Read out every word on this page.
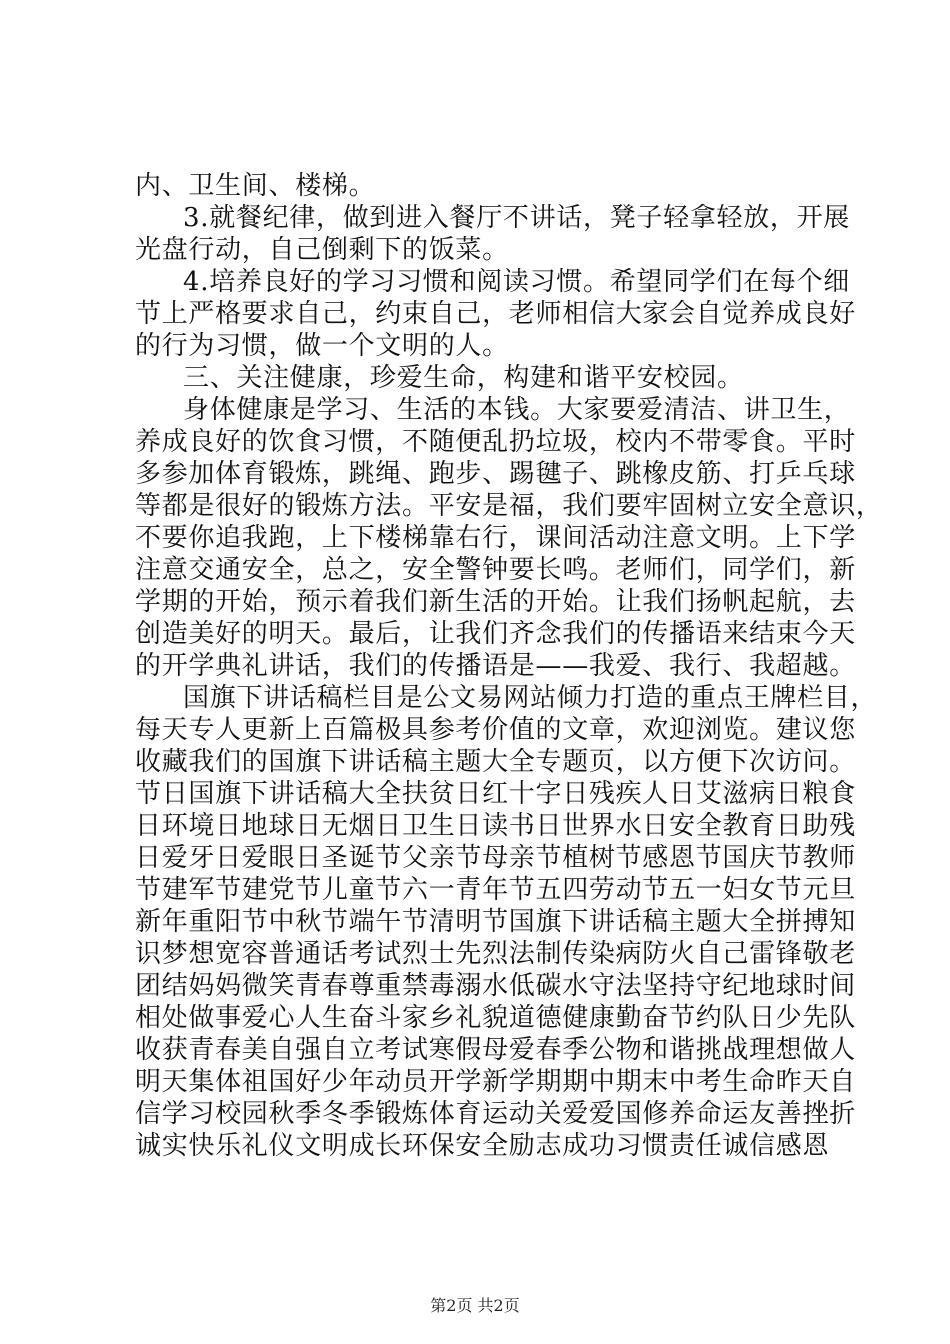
内、卫生间、楼梯。
3.就餐纪律，做到进入餐厅不讲话，凳子轻拿轻放，开展
光盘行动，自己倒剩下的饭菜。
4.培养良好的学习习惯和阅读习惯。希望同学们在每个细
节上严格要求自己，约束自己，老师相信大家会自觉养成良好
的行为习惯，做一个文明的人。
三、关注健康，珍爱生命，构建和谐平安校园。
身体健康是学习、生活的本钱。大家要爱清洁、讲卫生，
养成良好的饮食习惯，不随便乱扔垃圾，校内不带零食。平时
多参加体育锻炼，跳绳、跑步、踢毽子、跳橡皮筋、打乒乓球
等都是很好的锻炼方法。平安是福，我们要牢固树立安全意识，
不要你追我跑，上下楼梯靠右行，课间活动注意文明。上下学
注意交通安全，总之，安全警钟要长鸣。老师们，同学们，新
学期的开始，预示着我们新生活的开始。让我们扬帆起航，去
创造美好的明天。最后，让我们齐念我们的传播语来结束今天
的开学典礼讲话，我们的传播语是——我爱、我行、我超越。
国旗下讲话稿栏目是公文易网站倾力打造的重点王牌栏目，
每天专人更新上百篇极具参考价值的文章，欢迎浏览。建议您
收藏我们的国旗下讲话稿主题大全专题页，以方便下次访问。
节日国旗下讲话稿大全扶贫日红十字日残疾人日艾滋病日粮食
日环境日地球日无烟日卫生日读书日世界水日安全教育日助残
日爱牙日爱眼日圣诞节父亲节母亲节植树节感恩节国庆节教师
节建军节建党节儿童节六一青年节五四劳动节五一妇女节元旦
新年重阳节中秋节端午节清明节国旗下讲话稿主题大全拼搏知
识梦想宽容普通话考试烈士先烈法制传染病防火自己雷锋敬老
团结妈妈微笑青春尊重禁毒溺水低碳水守法坚持守纪地球时间
相处做事爱心人生奋斗家乡礼貌道德健康勤奋节约队日少先队
收获青春美自强自立考试寒假母爱春季公物和谐挑战理想做人
明天集体祖国好少年动员开学新学期期中期末中考生命昨天自
信学习校园秋季冬季锻炼体育运动关爱爱国修养命运友善挫折
诚实快乐礼仪文明成长环保安全励志成功习惯责任诚信感恩
第2页 共2页
